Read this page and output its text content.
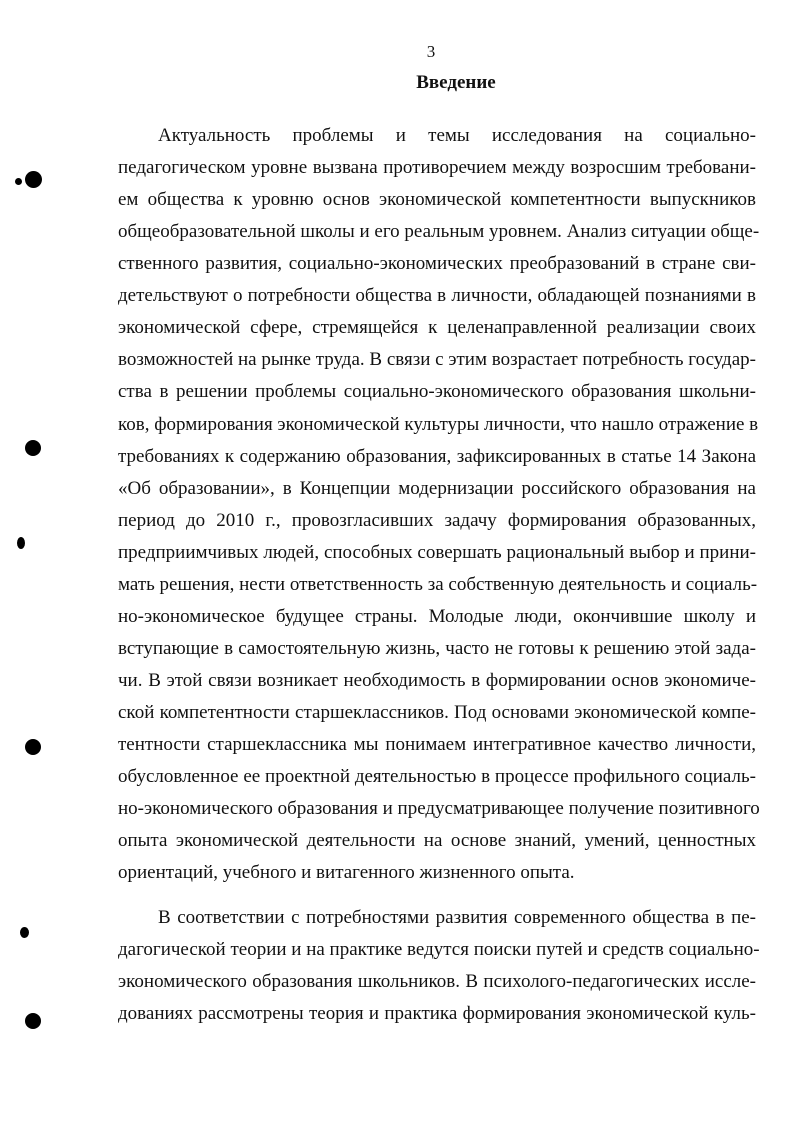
3
Введение
Актуальность проблемы и темы исследования на социально-
педагогическом уровне вызвана противоречием между возросшим требовани-
ем общества к уровню основ экономической компетентности выпускников
общеобразовательной школы и его реальным уровнем. Анализ ситуации обще-
ственного развития, социально-экономических преобразований в стране сви-
детельствуют о потребности общества в личности, обладающей познаниями в
экономической сфере, стремящейся к целенаправленной реализации своих
возможностей на рынке труда. В связи с этим возрастает потребность государ-
ства в решении проблемы социально-экономического образования школьни-
ков, формирования экономической культуры личности, что нашло отражение в
требованиях к содержанию образования, зафиксированных в статье 14 Закона
«Об образовании», в Концепции модернизации российского образования на
период до 2010 г., провозгласивших задачу формирования образованных,
предприимчивых людей, способных совершать рациональный выбор и прини-
мать решения, нести ответственность за собственную деятельность и социаль-
но-экономическое будущее страны. Молодые люди, окончившие школу и
вступающие в самостоятельную жизнь, часто не готовы к решению этой зада-
чи. В этой связи возникает необходимость в формировании основ экономиче-
ской компетентности старшеклассников. Под основами экономической компе-
тентности старшеклассника мы понимаем интегративное качество личности,
обусловленное ее проектной деятельностью в процессе профильного социаль-
но-экономического образования и предусматривающее получение позитивного
опыта экономической деятельности на основе знаний, умений, ценностных
ориентаций, учебного и витагенного жизненного опыта.
В соответствии с потребностями развития современного общества в пе-
дагогической теории и на практике ведутся поиски путей и средств социально-
экономического образования школьников. В психолого-педагогических иссле-
дованиях рассмотрены теория и практика формирования экономической куль-
